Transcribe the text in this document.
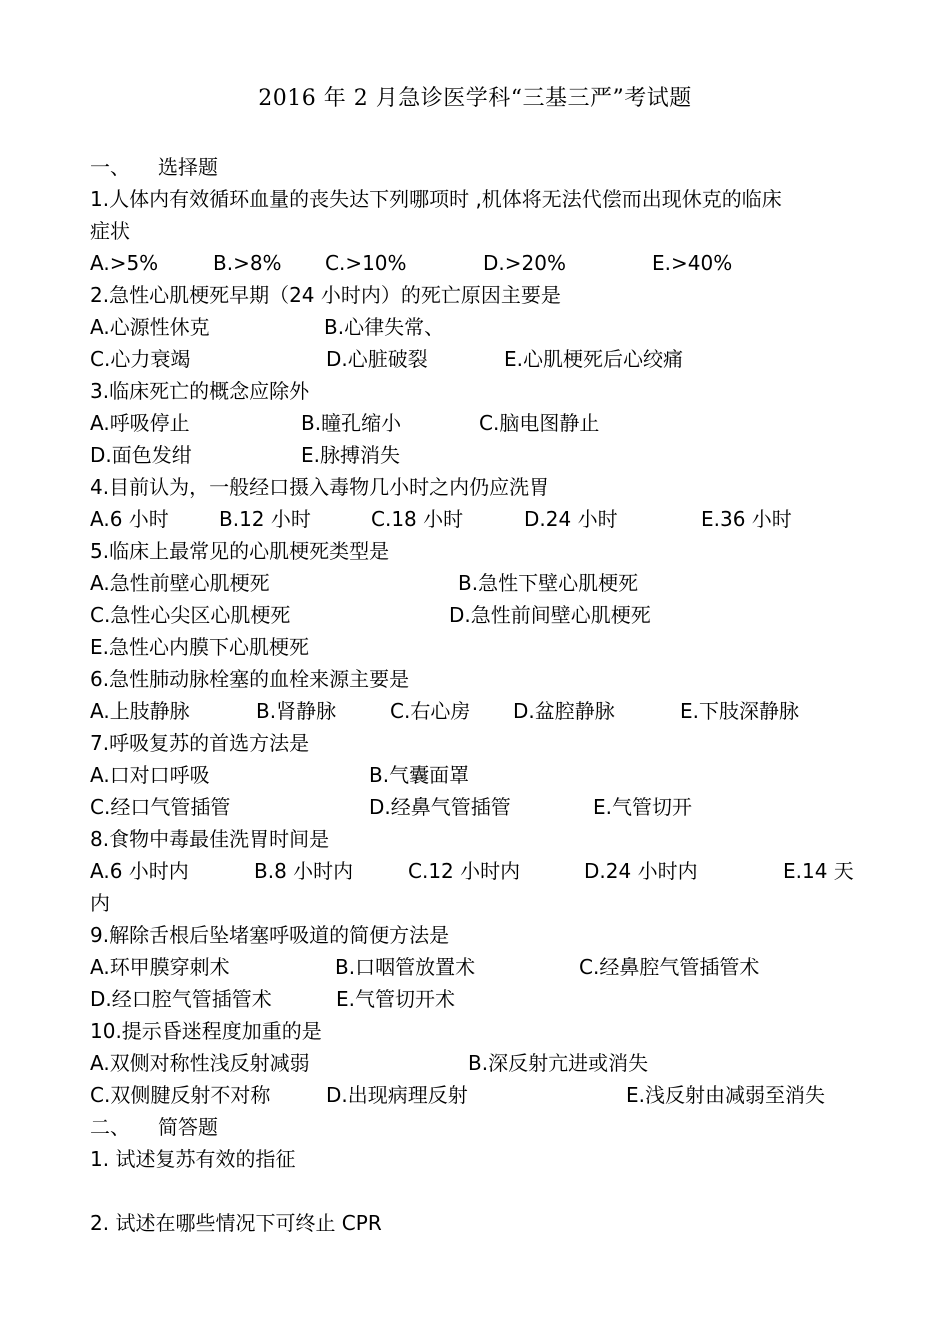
2016 年 2 月急诊医学科“三基三严”考试题
一、 选择题
1.人体内有效循环血量的丧失达下列哪项时 ,机体将无法代偿而出现休克的临床
症状
A.>5%	B.>8% C.>10%	D.>20%	E.>40%
2.急性心肌梗死早期（24 小时内）的死亡原因主要是
A.心源性休克	B.心律失常、
C.心力衰竭	D.心脏破裂	E.心肌梗死后心绞痛
3.临床死亡的概念应除外
A.呼吸停止	B.瞳孔缩小	C.脑电图静止
D.面色发绀	E.脉搏消失
4.目前认为，一般经口摄入毒物几小时之内仍应洗胃
A.6 小时	B.12 小时	C.18 小时	D.24 小时	E.36 小时
5.临床上最常见的心肌梗死类型是
A.急性前壁心肌梗死	B.急性下壁心肌梗死
C.急性心尖区心肌梗死	D.急性前间壁心肌梗死
E.急性心内膜下心肌梗死
6.急性肺动脉栓塞的血栓来源主要是
A.上肢静脉	B.肾静脉	C.右心房 D.盆腔静脉	E.下肢深静脉
7.呼吸复苏的首选方法是
A.口对口呼吸	B.气囊面罩
C.经口气管插管	D.经鼻气管插管	E.气管切开
8.食物中毒最佳洗胃时间是
A.6 小时内	B.8 小时内	C.12 小时内	D.24 小时内	E.14 天
内
9.解除舌根后坠堵塞呼吸道的简便方法是
A.环甲膜穿刺术	B.口咽管放置术	C.经鼻腔气管插管术
D.经口腔气管插管术	E.气管切开术
10.提示昏迷程度加重的是
A.双侧对称性浅反射减弱	B.深反射亢进或消失
C.双侧腱反射不对称	D.出现病理反射	E.浅反射由减弱至消失
二、 简答题
1. 试述复苏有效的指征
2. 试述在哪些情况下可终止 CPR
